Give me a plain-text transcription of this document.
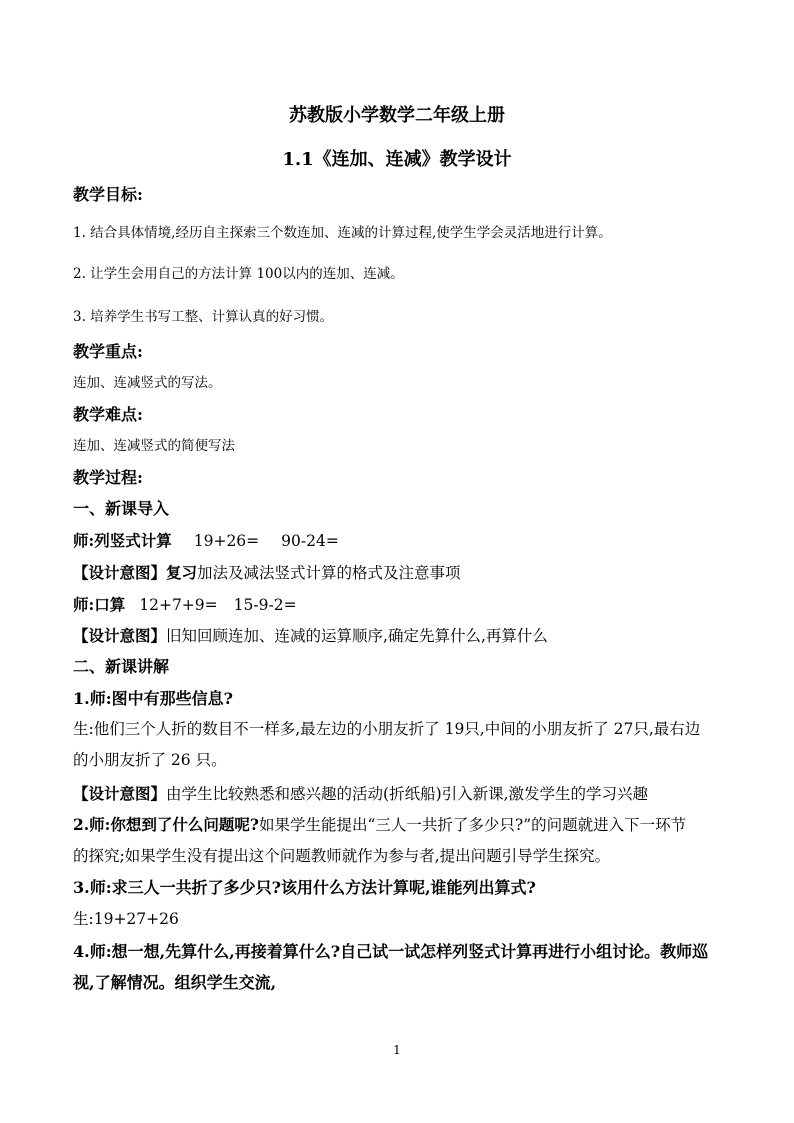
苏教版小学数学二年级上册
1.1《连加、连减》教学设计
教学目标:
1. 结合具体情境,经历自主探索三个数连加、连减的计算过程,使学生学会灵活地进行计算。
2. 让学生会用自己的方法计算 100以内的连加、连减。
3. 培养学生书写工整、计算认真的好习惯。
教学重点:
连加、连减竖式的写法。
教学难点:
连加、连减竖式的简便写法
教学过程:
一、新课导入
师:列竖式计算 19+26= 90-24=
【设计意图】复习加法及减法竖式计算的格式及注意事项
师:口算 12+7+9= 15-9-2=
【设计意图】旧知回顾连加、连减的运算顺序,确定先算什么,再算什么
二、新课讲解
1.师:图中有那些信息?
生:他们三个人折的数目不一样多,最左边的小朋友折了 19只,中间的小朋友折了 27只,最右边
的小朋友折了 26 只。
【设计意图】由学生比较熟悉和感兴趣的活动(折纸船)引入新课,激发学生的学习兴趣
2.师:你想到了什么问题呢?如果学生能提出“三人一共折了多少只?”的问题就进入下一环节
的探究;如果学生没有提出这个问题教师就作为参与者,提出问题引导学生探究。
3.师:求三人一共折了多少只?该用什么方法计算呢,谁能列出算式?
生:19+27+26
4.师:想一想,先算什么,再接着算什么?自己试一试怎样列竖式计算再进行小组讨论。教师巡
视,了解情况。组织学生交流,
1
